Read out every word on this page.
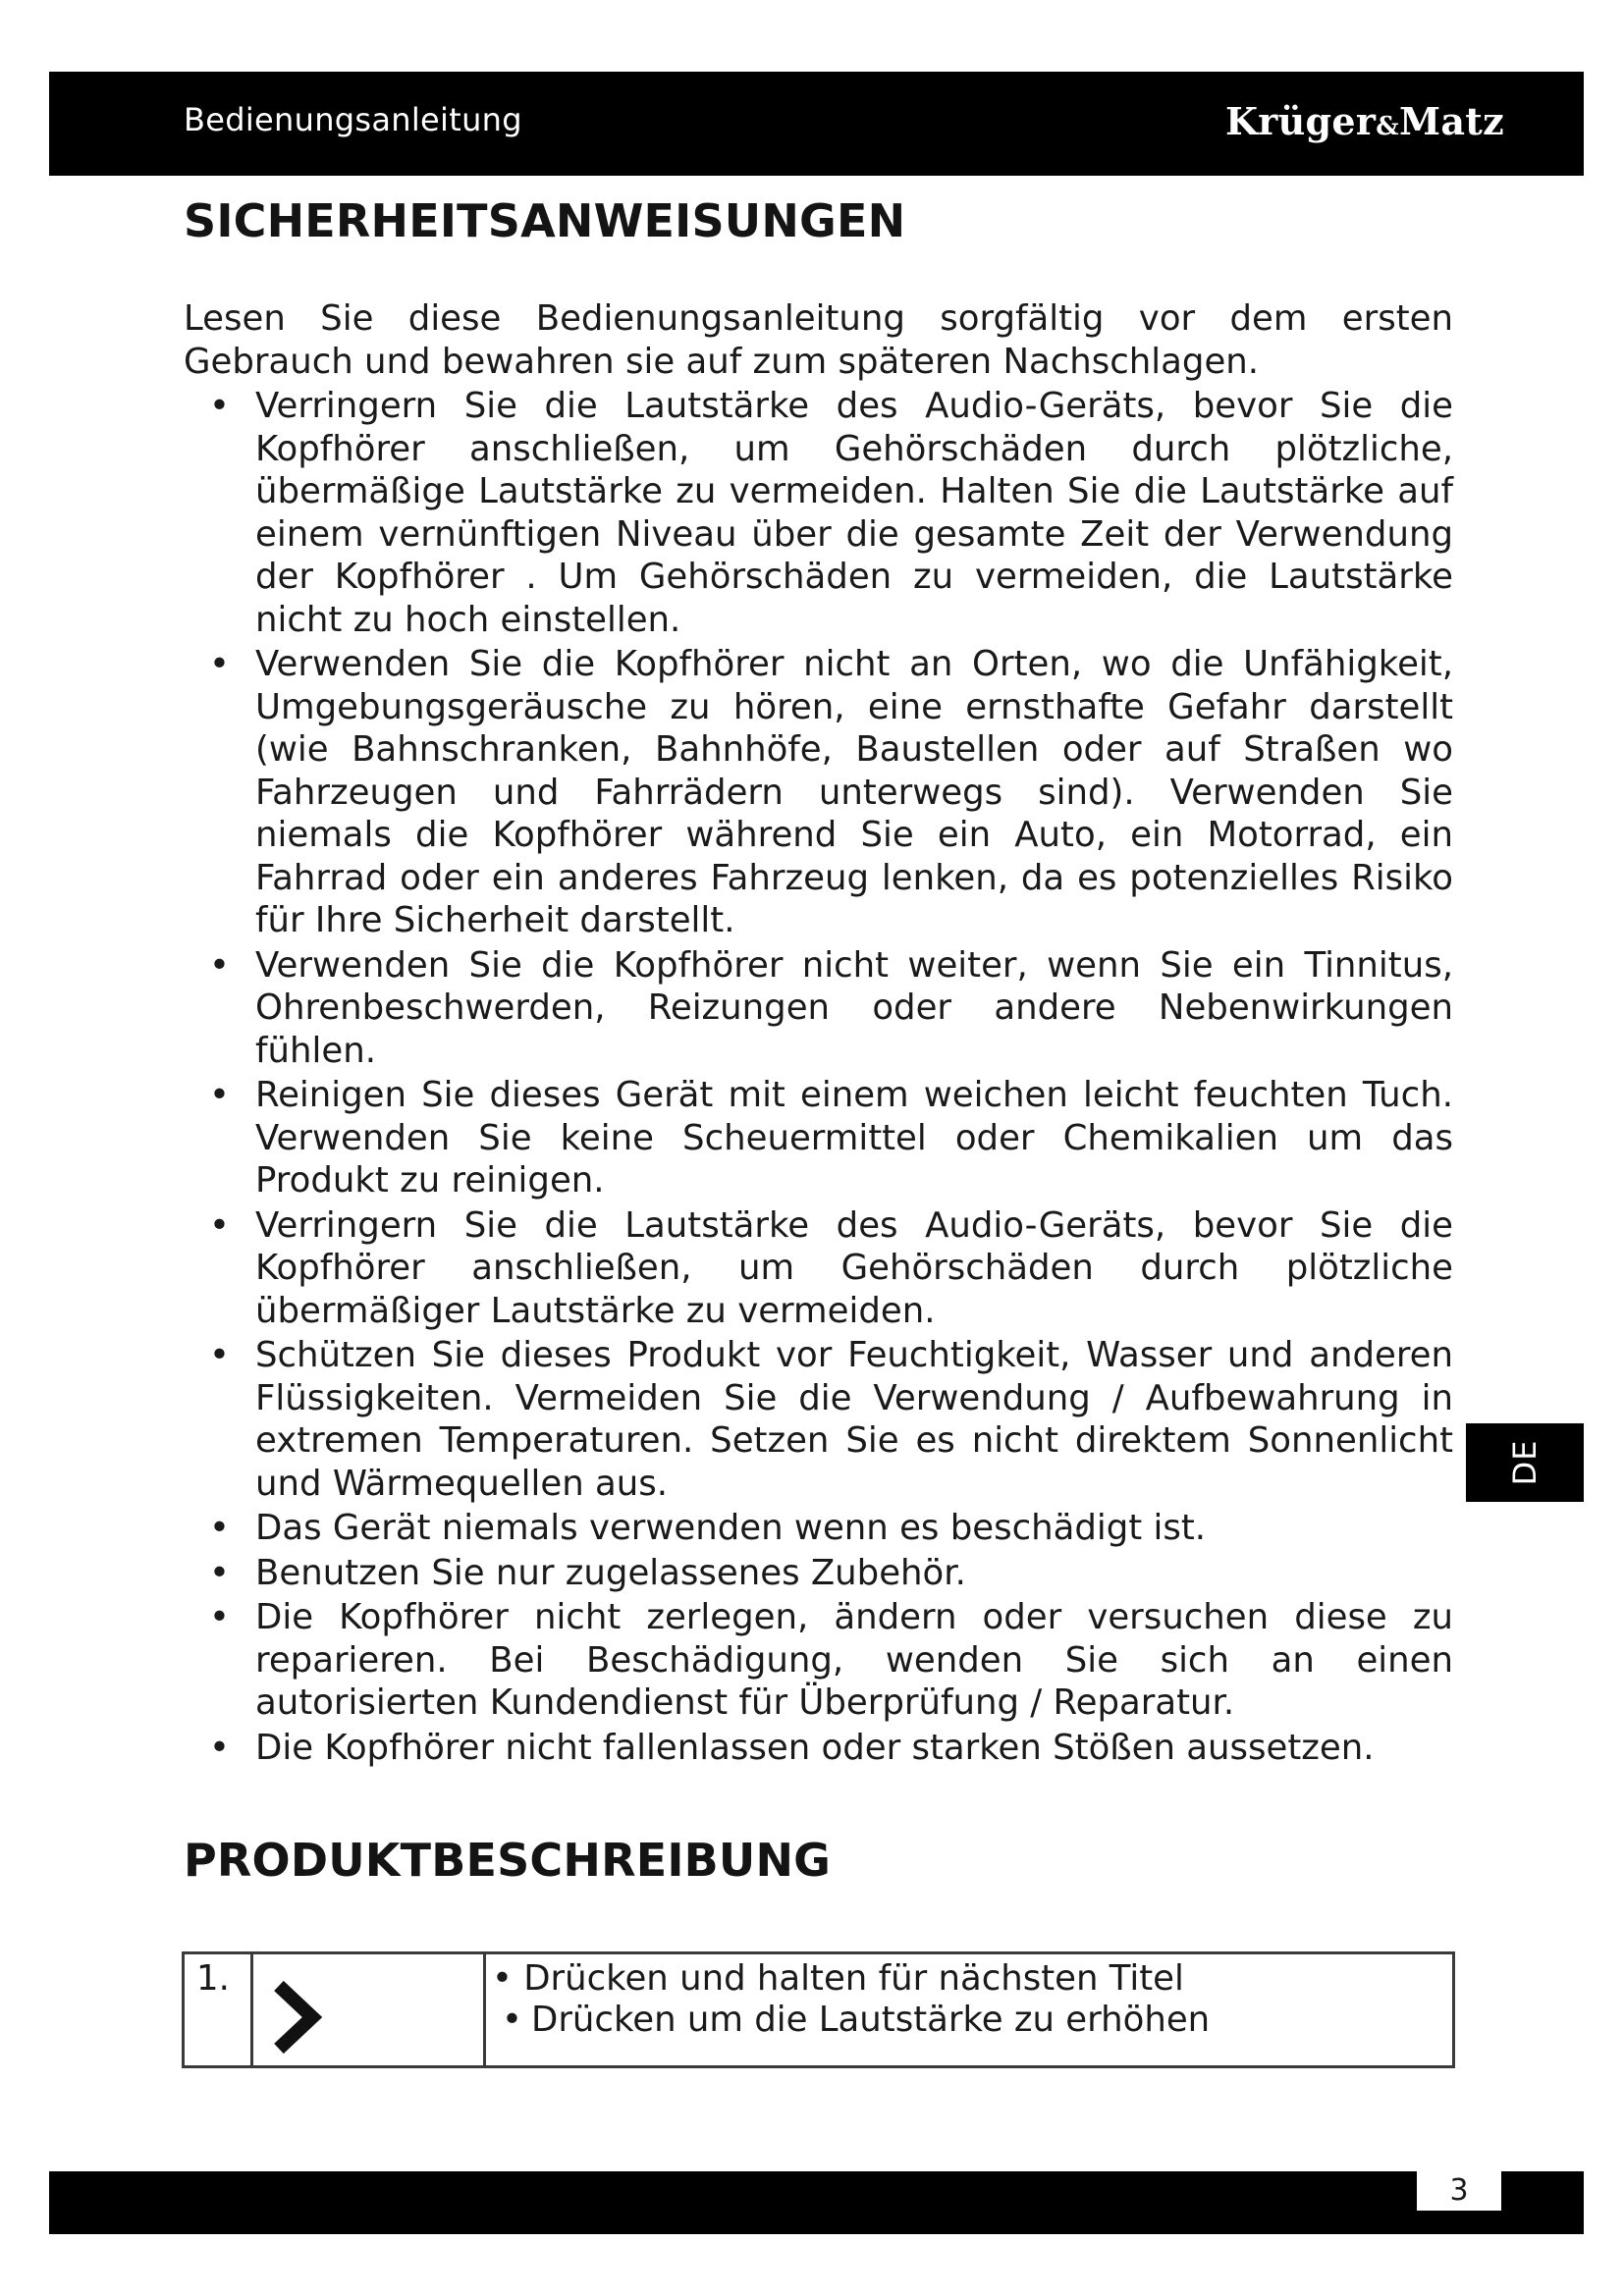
Bedienungsanleitung	Krüger&Matz
SICHERHEITSANWEISUNGEN

Lesen Sie diese Bedienungsanleitung sorgfältig vor dem ersten Gebrauch und bewahren sie auf zum späteren Nachschlagen.

• Verringern Sie die Lautstärke des Audio-Geräts, bevor Sie die Kopfhörer anschließen, um Gehörschäden durch plötzliche, übermäßige Lautstärke zu vermeiden. Halten Sie die Lautstärke auf einem vernünftigen Niveau über die gesamte Zeit der Verwendung der Kopfhörer . Um Gehörschäden zu vermeiden, die Lautstärke nicht zu hoch einstellen.
• Verwenden Sie die Kopfhörer nicht an Orten, wo die Unfähigkeit, Umgebungsgeräusche zu hören, eine ernsthafte Gefahr darstellt (wie Bahnschranken, Bahnhöfe, Baustellen oder auf Straßen wo Fahrzeugen und Fahrrädern unterwegs sind). Verwenden Sie niemals die Kopfhörer während Sie ein Auto, ein Motorrad, ein Fahrrad oder ein anderes Fahrzeug lenken, da es potenzielles Risiko für Ihre Sicherheit darstellt.
• Verwenden Sie die Kopfhörer nicht weiter, wenn Sie ein Tinnitus, Ohrenbeschwerden, Reizungen oder andere Nebenwirkungen fühlen.
• Reinigen Sie dieses Gerät mit einem weichen leicht feuchten Tuch. Verwenden Sie keine Scheuermittel oder Chemikalien um das Produkt zu reinigen.
• Verringern Sie die Lautstärke des Audio-Geräts, bevor Sie die Kopfhörer anschließen, um Gehörschäden durch plötzliche übermäßiger Lautstärke zu vermeiden.
• Schützen Sie dieses Produkt vor Feuchtigkeit, Wasser und anderen Flüssigkeiten. Vermeiden Sie die Verwendung / Aufbewahrung in extremen Temperaturen. Setzen Sie es nicht direktem Sonnenlicht und Wärmequellen aus.
• Das Gerät niemals verwenden wenn es beschädigt ist.
• Benutzen Sie nur zugelassenes Zubehör.
• Die Kopfhörer nicht zerlegen, ändern oder versuchen diese zu reparieren. Bei Beschädigung, wenden Sie sich an einen autorisierten Kundendienst für Überprüfung / Reparatur.
• Die Kopfhörer nicht fallenlassen oder starken Stößen aussetzen.
PRODUKTBESCHREIBUNG
1.	• Drücken und halten für nächsten Titel
• Drücken um die Lautstärke zu erhöhen
DE
3
